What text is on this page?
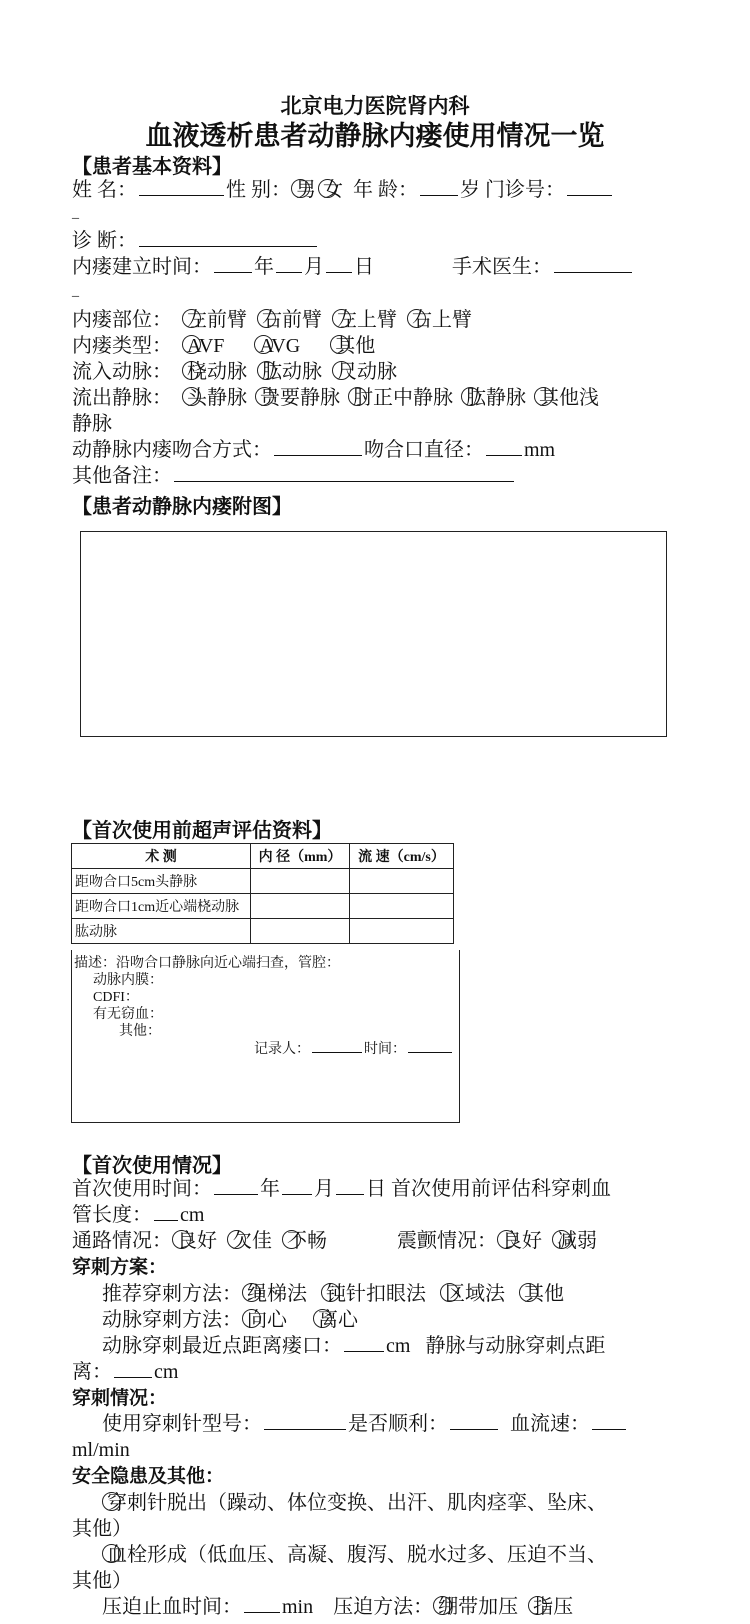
北京电力医院肾内科
血液透析患者动静脉内瘘使用情况一览
【患者基本资料】
姓 名：	性 别： 男 女 年 龄： 岁 门诊号：
_
诊 断：
内瘘建立时间： 年 月 日	手术医生：
_
内瘘部位： 左前臂 右前臂 左上臂 右上臂
内瘘类型： AVF AVG 其他
流入动脉： 桡动脉 肱动脉 尺动脉
流出静脉： 头静脉 贵要静脉 肘正中静脉 肱静脉 其他浅
静脉
动静脉内瘘吻合方式：	吻合口直径： mm
其他备注：
【患者动静脉内瘘附图】
【首次使用前超声评估资料】
术 测	内 径（mm）	流 速（cm/s）
距吻合口5cm头静脉		
距吻合口1cm近心端桡动脉		
肱动脉		
描述：沿吻合口静脉向近心端扫查，管腔：
动脉内膜：
CDFI：
有无窃血：
其他：
记录人：	时间：
【首次使用情况】
首次使用时间： 年 月 日 首次使用前评估科穿刺血
管长度： cm
通路情况： 良好 欠佳 不畅	震颤情况： 良好 减弱
穿刺方案：
推荐穿刺方法： 绳梯法 钝针扣眼法 区域法 其他
动脉穿刺方法： 向心 离心
动脉穿刺最近点距离瘘口： cm 静脉与动脉穿刺点距
离： cm
穿刺情况：
使用穿刺针型号：	是否顺利：	血流速：
ml/min
安全隐患及其他：
穿刺针脱出（躁动、体位变换、出汗、肌肉痉挛、坠床、
其他）
血栓形成（低血压、高凝、腹泻、脱水过多、压迫不当、
其他）
压迫止血时间： min 压迫方法： 绷带加压 指压
